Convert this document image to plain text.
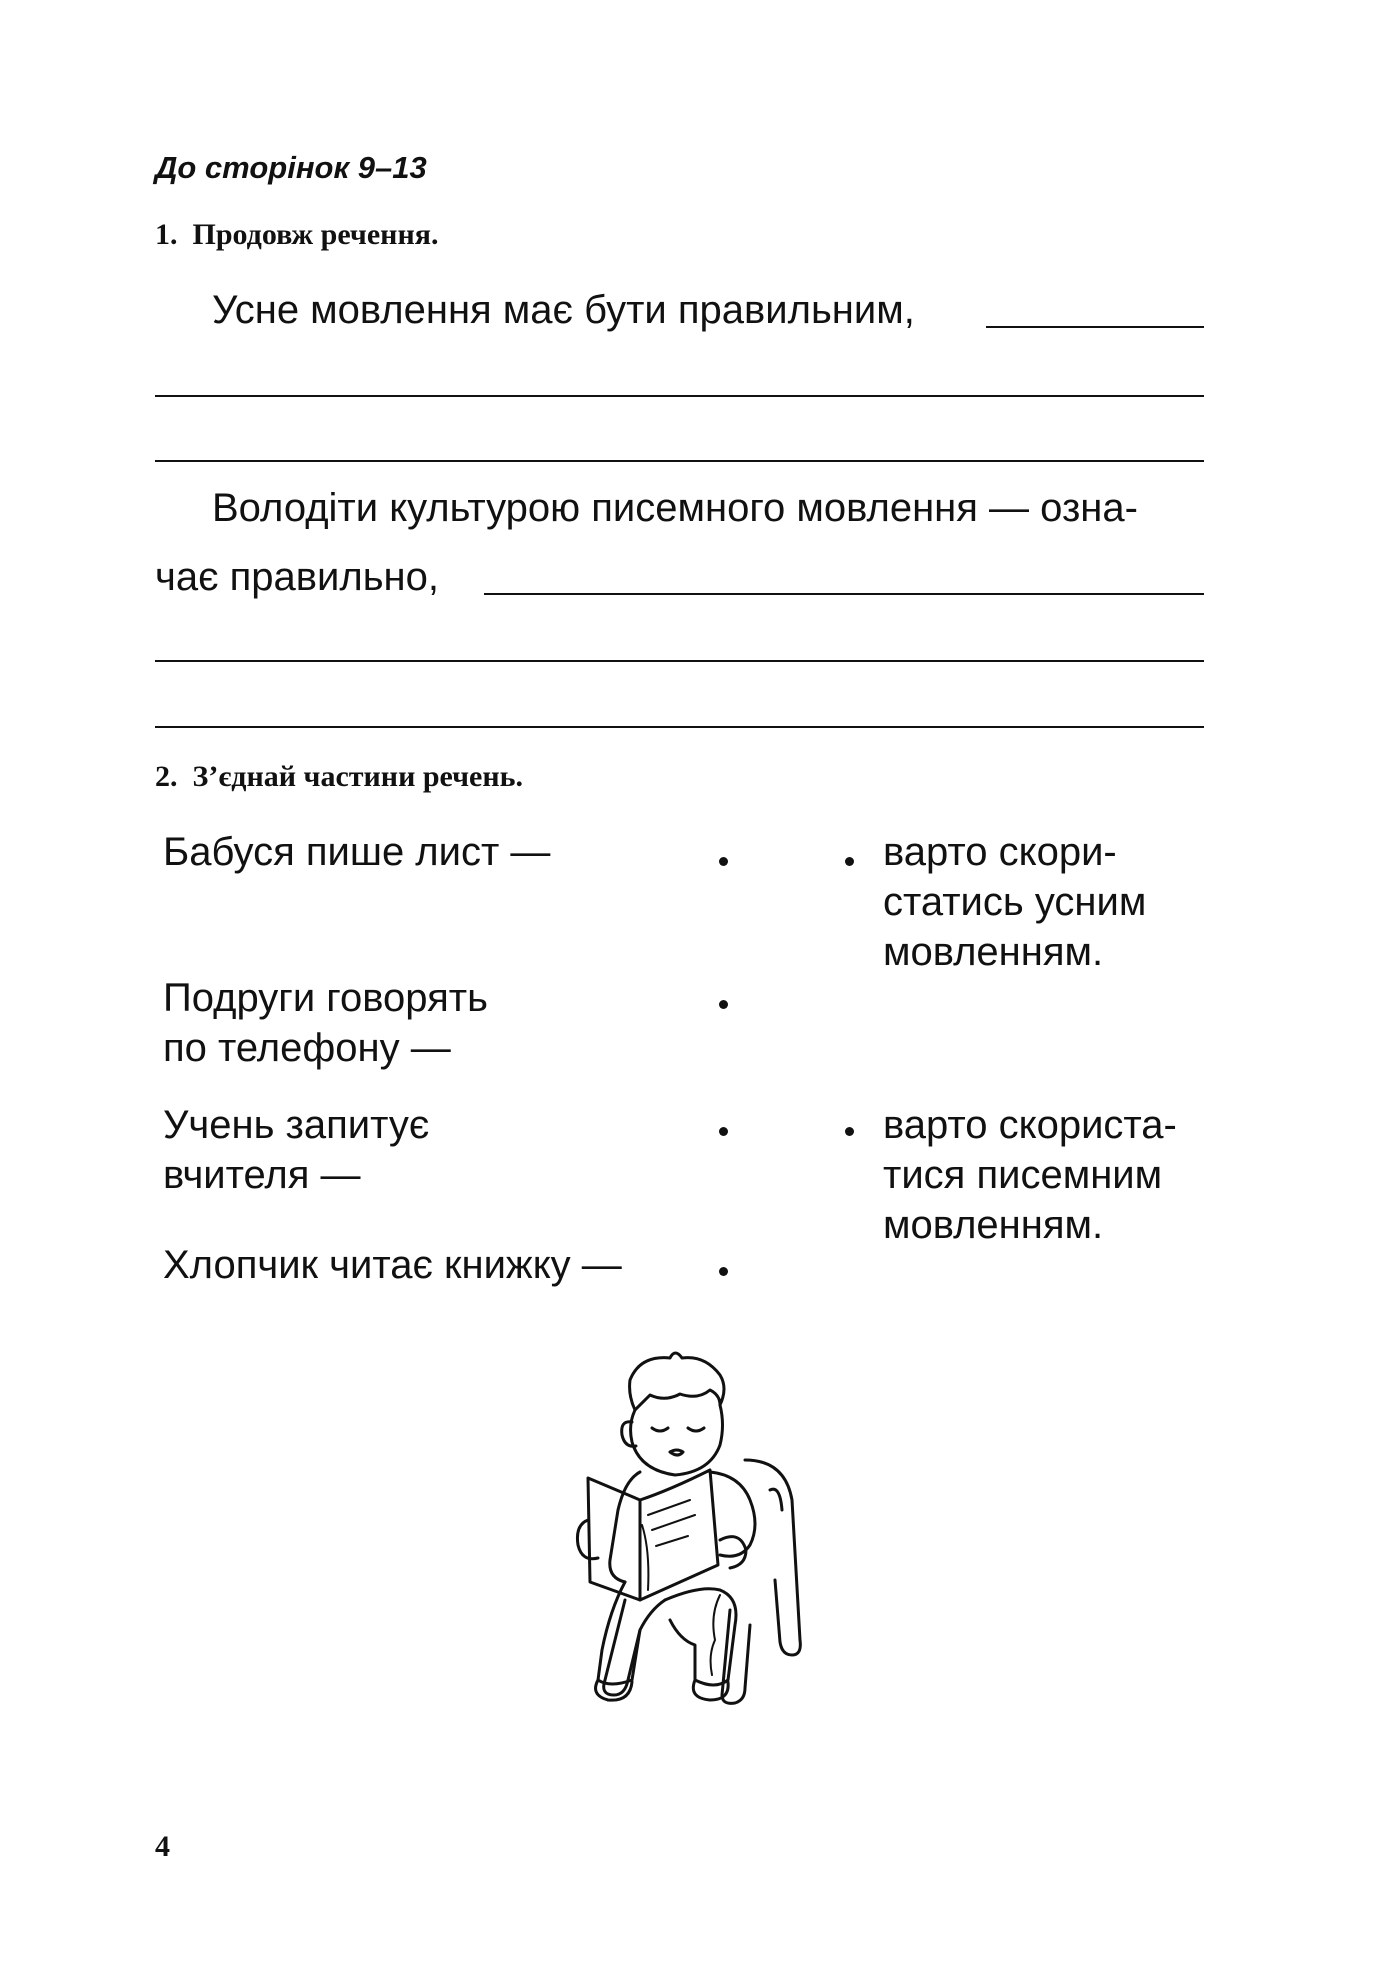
До сторінок 9–13
1. Продовж речення.
Усне мовлення має бути правильним,
Володіти культурою писемного мовлення — озна-
чає правильно,
2. З’єднай частини речень.
Бабуся пише лист —
Подруги говорять
по телефону —
Учень запитує
вчителя —
Хлопчик читає книжку —
варто скори-
статись усним
мовленням.
варто скориста-
тися писемним
мовленням.
4
